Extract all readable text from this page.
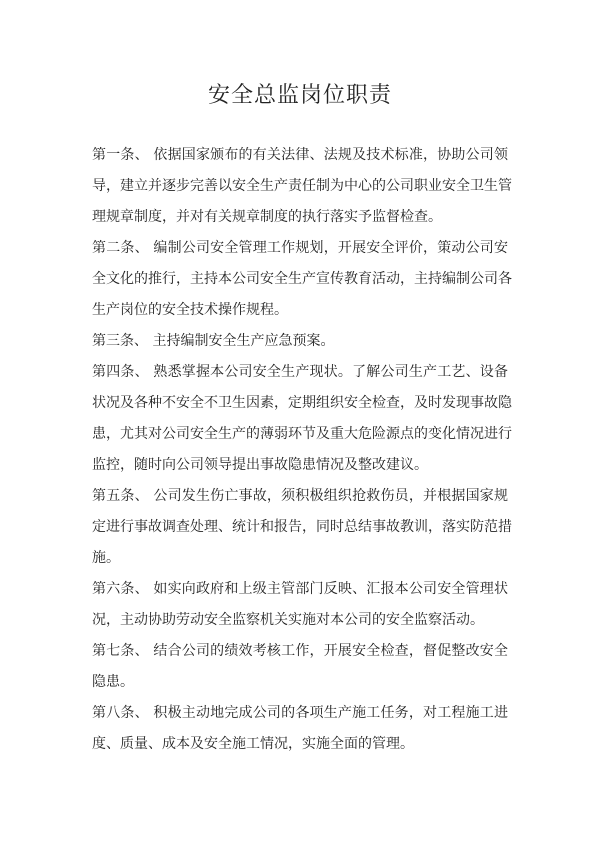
安全总监岗位职责
第一条、 依据国家颁布的有关法律、法规及技术标准，协助公司领
导，建立并逐步完善以安全生产责任制为中心的公司职业安全卫生管
理规章制度，并对有关规章制度的执行落实予监督检查。
第二条、 编制公司安全管理工作规划，开展安全评价，策动公司安
全文化的推行，主持本公司安全生产宣传教育活动，主持编制公司各
生产岗位的安全技术操作规程。
第三条、 主持编制安全生产应急预案。
第四条、 熟悉掌握本公司安全生产现状。了解公司生产工艺、设备
状况及各种不安全不卫生因素，定期组织安全检查，及时发现事故隐
患，尤其对公司安全生产的薄弱环节及重大危险源点的变化情况进行
监控，随时向公司领导提出事故隐患情况及整改建议。
第五条、 公司发生伤亡事故，须积极组织抢救伤员，并根据国家规
定进行事故调查处理、统计和报告，同时总结事故教训，落实防范措
施。
第六条、 如实向政府和上级主管部门反映、汇报本公司安全管理状
况，主动协助劳动安全监察机关实施对本公司的安全监察活动。
第七条、 结合公司的绩效考核工作，开展安全检查，督促整改安全
隐患。
第八条、 积极主动地完成公司的各项生产施工任务，对工程施工进
度、质量、成本及安全施工情况，实施全面的管理。
